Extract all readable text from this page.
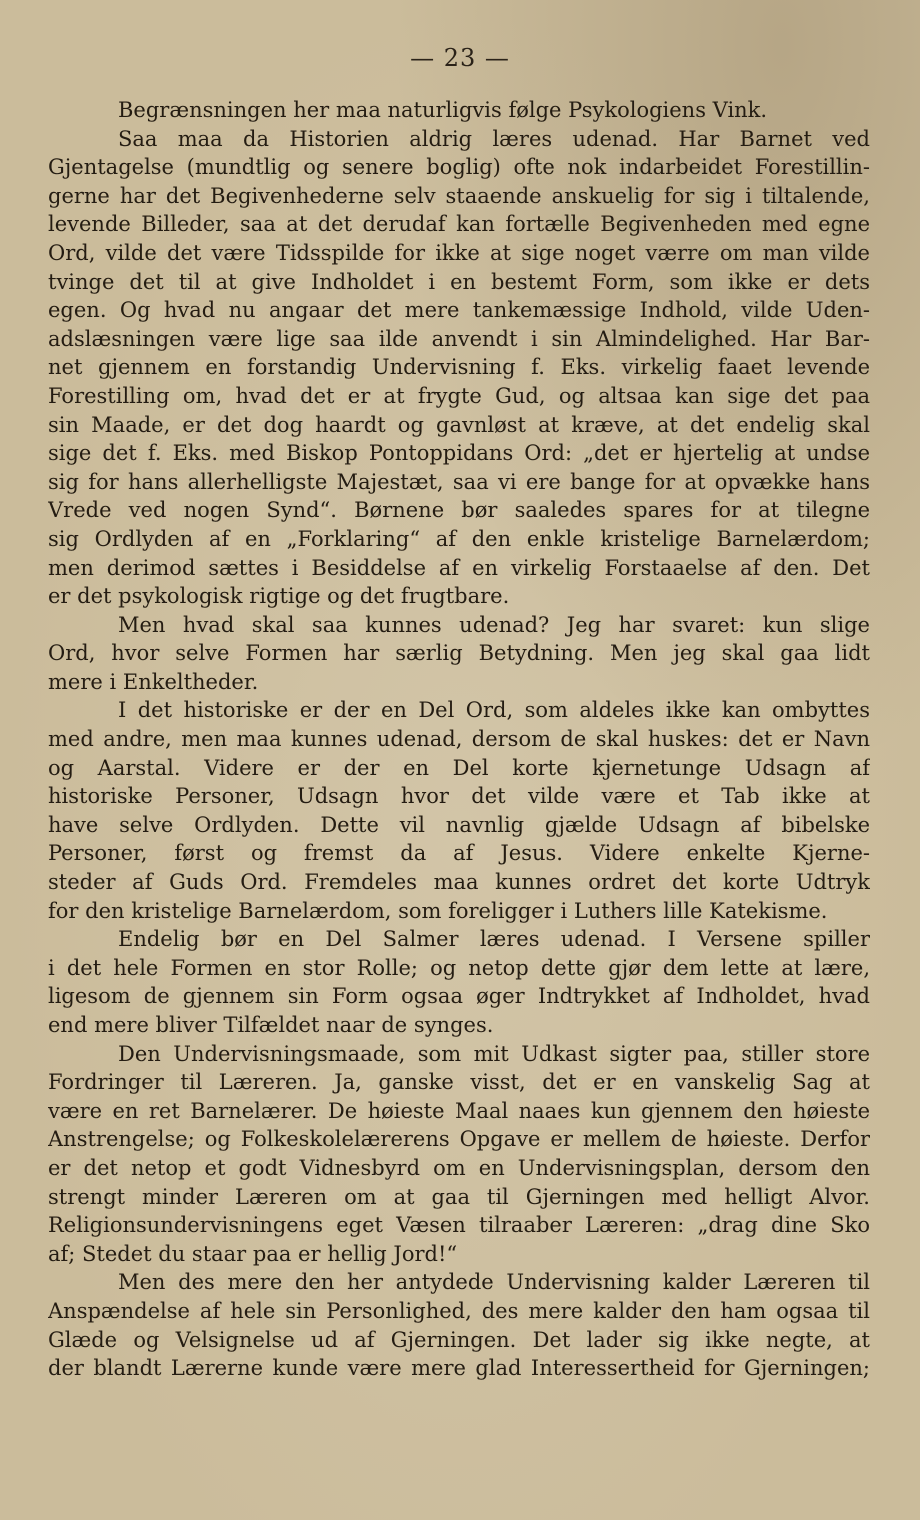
— 23 —
Begrænsningen her maa naturligvis følge Psykologiens Vink.
Saa maa da Historien aldrig læres udenad. Har Barnet ved
Gjentagelse (mundtlig og senere boglig) ofte nok indarbeidet Forestillin-
gerne har det Begivenhederne selv staaende anskuelig for sig i tiltalende,
levende Billeder, saa at det derudaf kan fortælle Begivenheden med egne
Ord, vilde det være Tidsspilde for ikke at sige noget værre om man vilde
tvinge det til at give Indholdet i en bestemt Form, som ikke er dets
egen. Og hvad nu angaar det mere tankemæssige Indhold, vilde Uden-
adslæsningen være lige saa ilde anvendt i sin Almindelighed. Har Bar-
net gjennem en forstandig Undervisning f. Eks. virkelig faaet levende
Forestilling om, hvad det er at frygte Gud, og altsaa kan sige det paa
sin Maade, er det dog haardt og gavnløst at kræve, at det endelig skal
sige det f. Eks. med Biskop Pontoppidans Ord: „det er hjertelig at undse
sig for hans allerhelligste Majestæt, saa vi ere bange for at opvække hans
Vrede ved nogen Synd“. Børnene bør saaledes spares for at tilegne
sig Ordlyden af en „Forklaring“ af den enkle kristelige Barnelærdom;
men derimod sættes i Besiddelse af en virkelig Forstaaelse af den. Det
er det psykologisk rigtige og det frugtbare.
Men hvad skal saa kunnes udenad? Jeg har svaret: kun slige
Ord, hvor selve Formen har særlig Betydning. Men jeg skal gaa lidt
mere i Enkeltheder.
I det historiske er der en Del Ord, som aldeles ikke kan ombyttes
med andre, men maa kunnes udenad, dersom de skal huskes: det er Navn
og Aarstal. Videre er der en Del korte kjernetunge Udsagn af
historiske Personer, Udsagn hvor det vilde være et Tab ikke at
have selve Ordlyden. Dette vil navnlig gjælde Udsagn af bibelske
Personer, først og fremst da af Jesus. Videre enkelte Kjerne-
steder af Guds Ord. Fremdeles maa kunnes ordret det korte Udtryk
for den kristelige Barnelærdom, som foreligger i Luthers lille Katekisme.
Endelig bør en Del Salmer læres udenad. I Versene spiller
i det hele Formen en stor Rolle; og netop dette gjør dem lette at lære,
ligesom de gjennem sin Form ogsaa øger Indtrykket af Indholdet, hvad
end mere bliver Tilfældet naar de synges.
Den Undervisningsmaade, som mit Udkast sigter paa, stiller store
Fordringer til Læreren. Ja, ganske visst, det er en vanskelig Sag at
være en ret Barnelærer. De høieste Maal naaes kun gjennem den høieste
Anstrengelse; og Folkeskolelærerens Opgave er mellem de høieste. Derfor
er det netop et godt Vidnesbyrd om en Undervisningsplan, dersom den
strengt minder Læreren om at gaa til Gjerningen med helligt Alvor.
Religionsundervisningens eget Væsen tilraaber Læreren: „drag dine Sko
af; Stedet du staar paa er hellig Jord!“
Men des mere den her antydede Undervisning kalder Læreren til
Anspændelse af hele sin Personlighed, des mere kalder den ham ogsaa til
Glæde og Velsignelse ud af Gjerningen. Det lader sig ikke negte, at
der blandt Lærerne kunde være mere glad Interessertheid for Gjerningen;
